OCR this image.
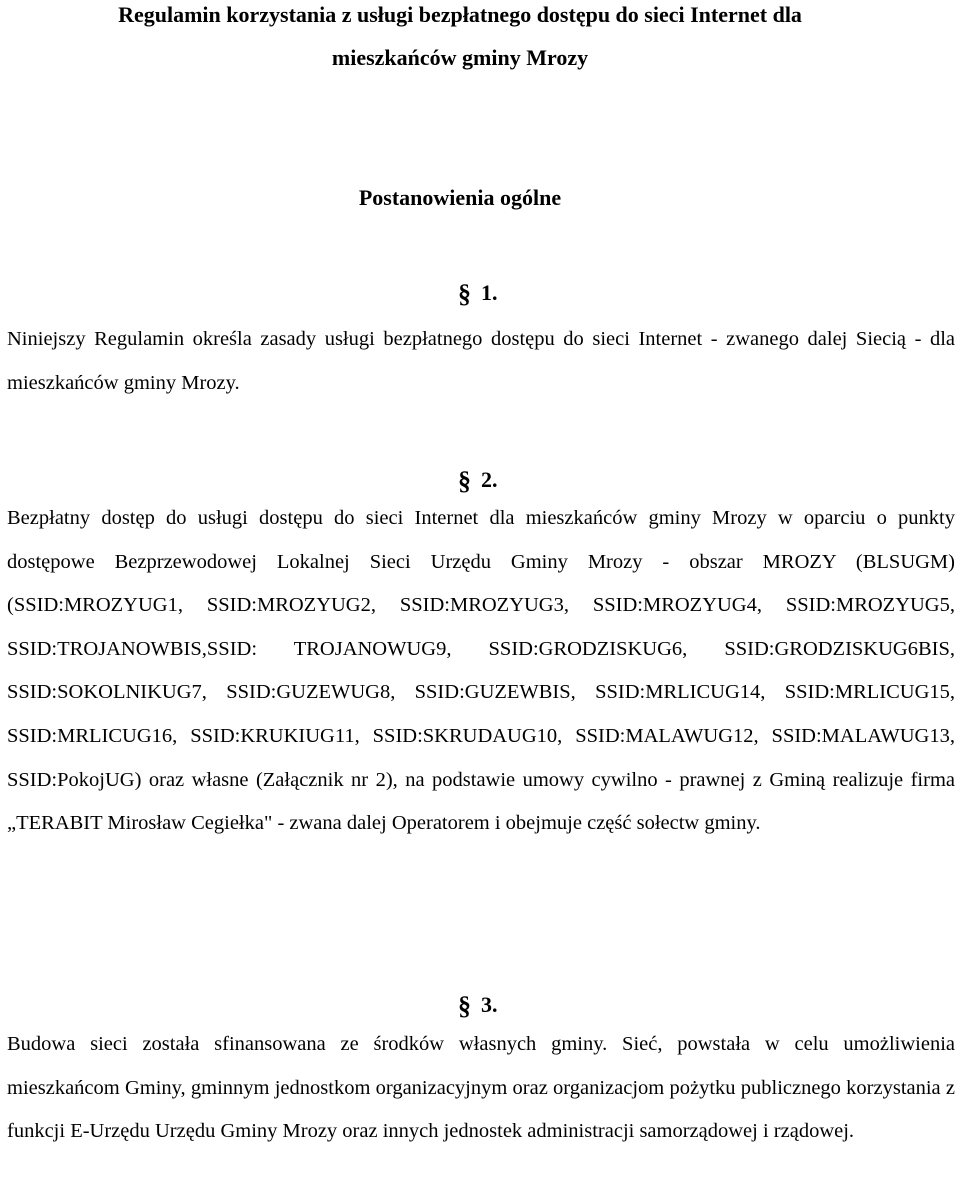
Regulamin korzystania z usługi bezpłatnego dostępu do sieci Internet dla
mieszkańców gminy Mrozy
Postanowienia ogólne
§ 1.
Niniejszy Regulamin określa zasady usługi bezpłatnego dostępu do sieci Internet - zwanego dalej Siecią - dla mieszkańców gminy Mrozy.
§ 2.
Bezpłatny dostęp do usługi dostępu do sieci Internet dla mieszkańców gminy Mrozy w oparciu o punkty dostępowe Bezprzewodowej Lokalnej Sieci Urzędu Gminy Mrozy - obszar MROZY (BLSUGM) (SSID:MROZYUG1, SSID:MROZYUG2, SSID:MROZYUG3, SSID:MROZYUG4, SSID:MROZYUG5, SSID:TROJANOWBIS,SSID: TROJANOWUG9, SSID:GRODZISKUG6, SSID:GRODZISKUG6BIS, SSID:SOKOLNIKUG7, SSID:GUZEWUG8, SSID:GUZEWBIS, SSID:MRLICUG14, SSID:MRLICUG15, SSID:MRLICUG16, SSID:KRUKIUG11, SSID:SKRUDAUG10, SSID:MALAWUG12, SSID:MALAWUG13, SSID:PokojUG) oraz własne (Załącznik nr 2), na podstawie umowy cywilno - prawnej z Gminą realizuje firma „TERABIT Mirosław Cegiełka" - zwana dalej Operatorem i obejmuje część sołectw gminy.
§ 3.
Budowa sieci została sfinansowana ze środków własnych gminy. Sieć, powstała w celu umożliwienia mieszkańcom Gminy, gminnym jednostkom organizacyjnym oraz organizacjom pożytku publicznego korzystania z funkcji E-Urzędu Urzędu Gminy Mrozy oraz innych jednostek administracji samorządowej i rządowej.
